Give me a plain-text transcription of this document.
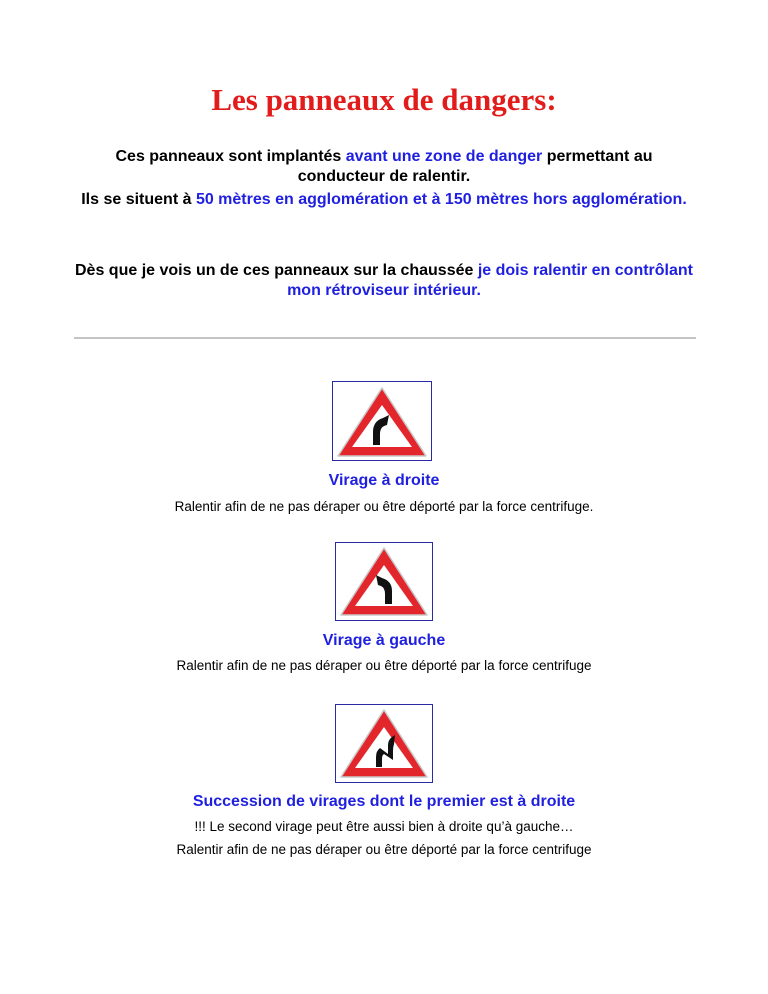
Les panneaux de dangers:

Ces panneaux sont implantés avant une zone de danger permettant au conducteur de ralentir.

Ils se situent à 50 mètres en agglomération et à 150 mètres hors agglomération.

Dès que je vois un de ces panneaux sur la chaussée je dois ralentir en contrôlant mon rétroviseur intérieur.

Virage à droite

Ralentir afin de ne pas déraper ou être déporté par la force centrifuge.

Virage à gauche

Ralentir afin de ne pas déraper ou être déporté par la force centrifuge

Succession de virages dont le premier est à droite

!!! Le second virage peut être aussi bien à droite qu’à gauche…

Ralentir afin de ne pas déraper ou être déporté par la force centrifuge
